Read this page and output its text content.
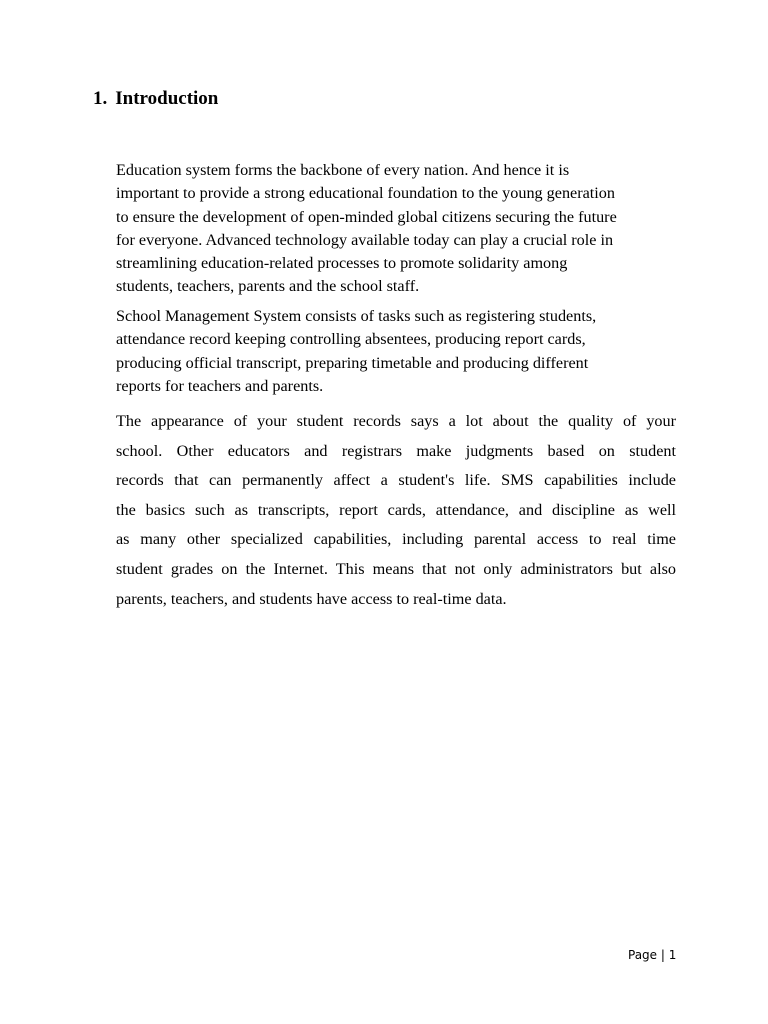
1. Introduction
Education system forms the backbone of every nation. And hence it is
important to provide a strong educational foundation to the young generation
to ensure the development of open-minded global citizens securing the future
for everyone. Advanced technology available today can play a crucial role in
streamlining education-related processes to promote solidarity among
students, teachers, parents and the school staff.
School Management System consists of tasks such as registering students,
attendance record keeping controlling absentees, producing report cards,
producing official transcript, preparing timetable and producing different
reports for teachers and parents.
The appearance of your student records says a lot about the quality of your
school. Other educators and registrars make judgments based on student
records that can permanently affect a student's life. SMS capabilities include
the basics such as transcripts, report cards, attendance, and discipline as well
as many other specialized capabilities, including parental access to real time
student grades on the Internet. This means that not only administrators but also
parents, teachers, and students have access to real-time data.
Page | 1
